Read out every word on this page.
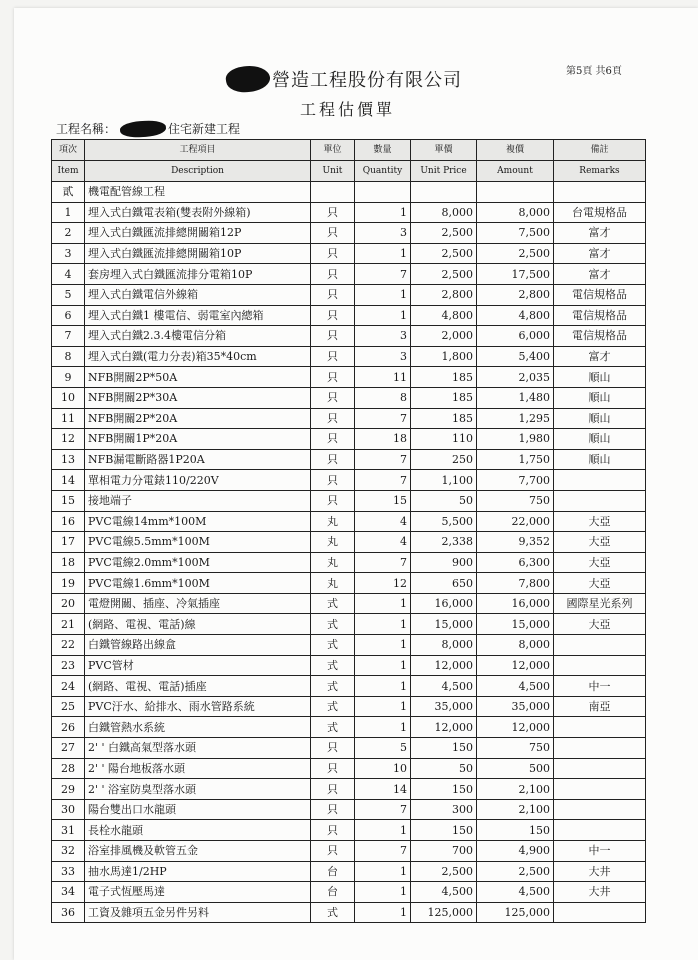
第5頁 共6頁
營造工程股份有限公司
工程估價單
工程名稱：	住宅新建工程
項次	工程項目	單位	數量	單價	複價	備註
Item	Description	Unit	Quantity	Unit Price	Amount	Remarks
貳	機電配管線工程					
1	埋入式白鐵電表箱(雙表附外線箱)	只	1	8,000	8,000	台電規格品
2	埋入式白鐵匯流排總開關箱12P	只	3	2,500	7,500	富才
3	埋入式白鐵匯流排總開關箱10P	只	1	2,500	2,500	富才
4	套房埋入式白鐵匯流排分電箱10P	只	7	2,500	17,500	富才
5	埋入式白鐵電信外線箱	只	1	2,800	2,800	電信規格品
6	埋入式白鐵1 樓電信、弱電室內總箱	只	1	4,800	4,800	電信規格品
7	埋入式白鐵2.3.4樓電信分箱	只	3	2,000	6,000	電信規格品
8	埋入式白鐵(電力分表)箱35*40cm	只	3	1,800	5,400	富才
9	NFB開關2P*50A	只	11	185	2,035	順山
10	NFB開關2P*30A	只	8	185	1,480	順山
11	NFB開關2P*20A	只	7	185	1,295	順山
12	NFB開關1P*20A	只	18	110	1,980	順山
13	NFB漏電斷路器1P20A	只	7	250	1,750	順山
14	單相電力分電錶110/220V	只	7	1,100	7,700	
15	接地端子	只	15	50	750	
16	PVC電線14mm*100M	丸	4	5,500	22,000	大亞
17	PVC電線5.5mm*100M	丸	4	2,338	9,352	大亞
18	PVC電線2.0mm*100M	丸	7	900	6,300	大亞
19	PVC電線1.6mm*100M	丸	12	650	7,800	大亞
20	電燈開關、插座、冷氣插座	式	1	16,000	16,000	國際星光系列
21	(網路、電視、電話)線	式	1	15,000	15,000	大亞
22	白鐵管線路出線盒	式	1	8,000	8,000	
23	PVC管材	式	1	12,000	12,000	
24	(網路、電視、電話)插座	式	1	4,500	4,500	中一
25	PVC汙水、給排水、雨水管路系統	式	1	35,000	35,000	南亞
26	白鐵管熱水系統	式	1	12,000	12,000	
27	2' ' 白鐵高氣型落水頭	只	5	150	750	
28	2' ' 陽台地板落水頭	只	10	50	500	
29	2' ' 浴室防臭型落水頭	只	14	150	2,100	
30	陽台雙出口水龍頭	只	7	300	2,100	
31	長栓水龍頭	只	1	150	150	
32	浴室排風機及軟管五金	只	7	700	4,900	中一
33	抽水馬達1/2HP	台	1	2,500	2,500	大井
34	電子式恆壓馬達	台	1	4,500	4,500	大井
36	工資及雜項五金另件另料	式	1	125,000	125,000	
